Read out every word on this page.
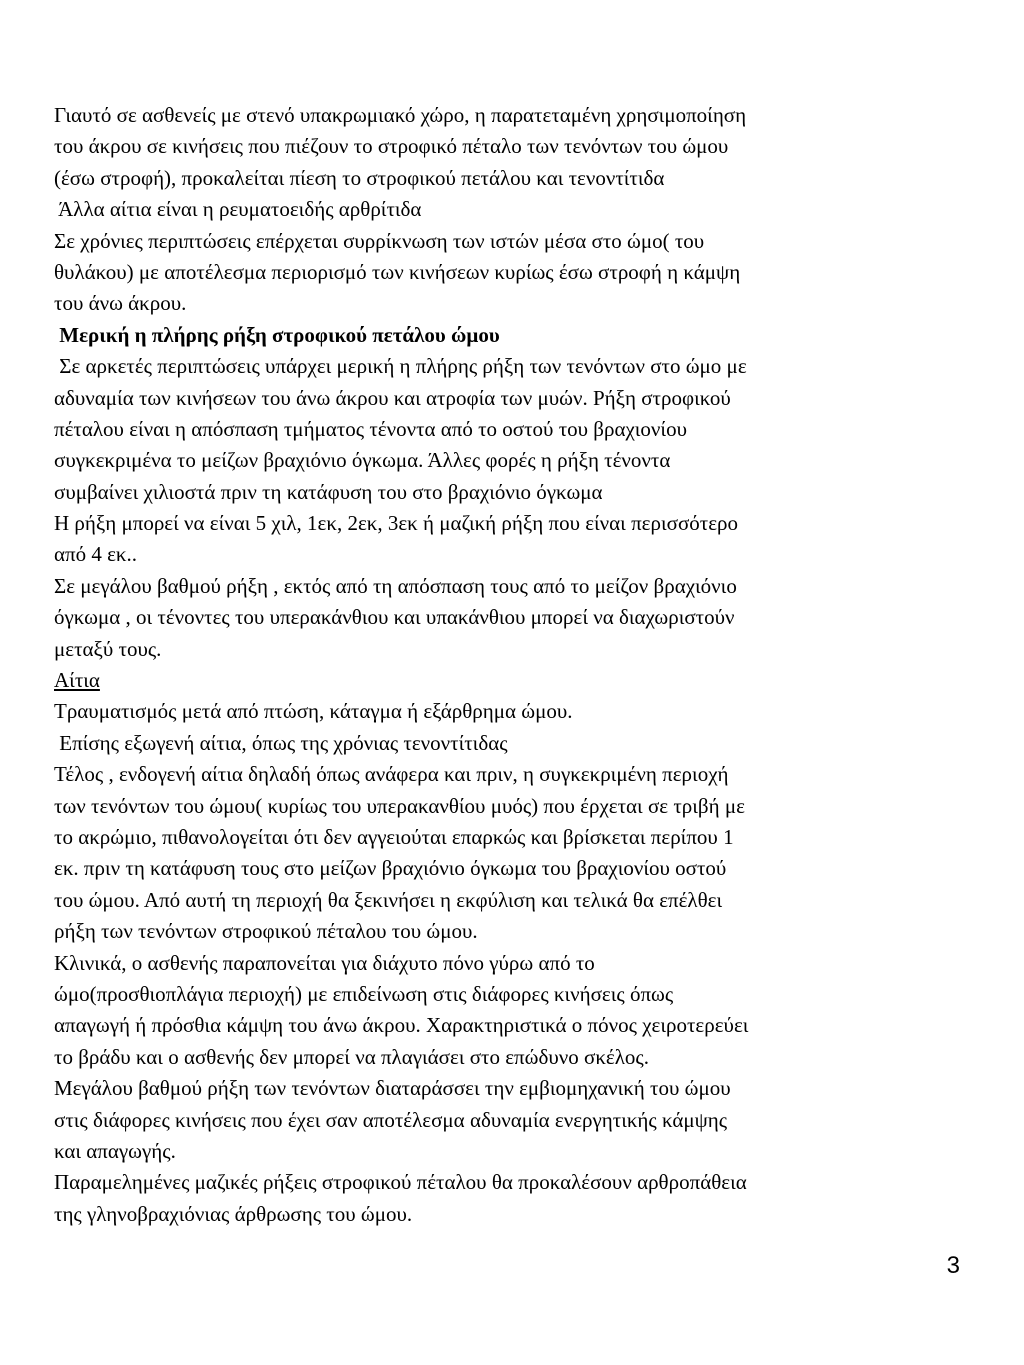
Γιαυτό σε ασθενείς με στενό υπακρωμιακό χώρο, η παρατεταμένη χρησιμοποίηση
του άκρου σε κινήσεις που πιέζουν το στροφικό πέταλο των τενόντων του ώμου
(έσω στροφή), προκαλείται πίεση το στροφικού πετάλου και τενοντίτιδα
Άλλα αίτια είναι η ρευματοειδής αρθρίτιδα
Σε χρόνιες περιπτώσεις επέρχεται συρρίκνωση των ιστών μέσα στο ώμο( του
θυλάκου) με αποτέλεσμα περιορισμό των κινήσεων κυρίως έσω στροφή η κάμψη
του άνω άκρου.
Μερική η πλήρης ρήξη στροφικού πετάλου ώμου
Σε αρκετές περιπτώσεις υπάρχει μερική η πλήρης ρήξη των τενόντων στο ώμο με
αδυναμία των κινήσεων του άνω άκρου και ατροφία των μυών. Ρήξη στροφικού
πέταλου είναι η απόσπαση τμήματος τένοντα από το οστού του βραχιονίου
συγκεκριμένα το μείζων βραχιόνιο όγκωμα. Άλλες φορές η ρήξη τένοντα
συμβαίνει χιλιοστά πριν τη κατάφυση του στο βραχιόνιο όγκωμα
Η ρήξη μπορεί να είναι 5 χιλ, 1εκ, 2εκ, 3εκ ή μαζική ρήξη που είναι περισσότερο
από 4 εκ..
Σε μεγάλου βαθμού ρήξη , εκτός από τη απόσπαση τους από το μείζον βραχιόνιο
όγκωμα , οι τένοντες του υπερακάνθιου και υπακάνθιου μπορεί να διαχωριστούν
μεταξύ τους.
Αίτια
Τραυματισμός μετά από πτώση, κάταγμα ή εξάρθρημα ώμου.
Επίσης εξωγενή αίτια, όπως της χρόνιας τενοντίτιδας
Τέλος , ενδογενή αίτια δηλαδή όπως ανάφερα και πριν, η συγκεκριμένη περιοχή
των τενόντων του ώμου( κυρίως του υπερακανθίου μυός) που έρχεται σε τριβή με
το ακρώμιο, πιθανολογείται ότι δεν αγγειούται επαρκώς και βρίσκεται περίπου 1
εκ. πριν τη κατάφυση τους στο μείζων βραχιόνιο όγκωμα του βραχιονίου οστού
του ώμου. Από αυτή τη περιοχή θα ξεκινήσει η εκφύλιση και τελικά θα επέλθει
ρήξη των τενόντων στροφικού πέταλου του ώμου.
Κλινικά, ο ασθενής παραπονείται για διάχυτο πόνο γύρω από το
ώμο(προσθιοπλάγια περιοχή) με επιδείνωση στις διάφορες κινήσεις όπως
απαγωγή ή πρόσθια κάμψη του άνω άκρου. Χαρακτηριστικά ο πόνος χειροτερεύει
το βράδυ και ο ασθενής δεν μπορεί να πλαγιάσει στο επώδυνο σκέλος.
Μεγάλου βαθμού ρήξη των τενόντων διαταράσσει την εμβιομηχανική του ώμου
στις διάφορες κινήσεις που έχει σαν αποτέλεσμα αδυναμία ενεργητικής κάμψης
και απαγωγής.
Παραμελημένες μαζικές ρήξεις στροφικού πέταλου θα προκαλέσουν αρθροπάθεια
της γληνοβραχιόνιας άρθρωσης του ώμου.
3
